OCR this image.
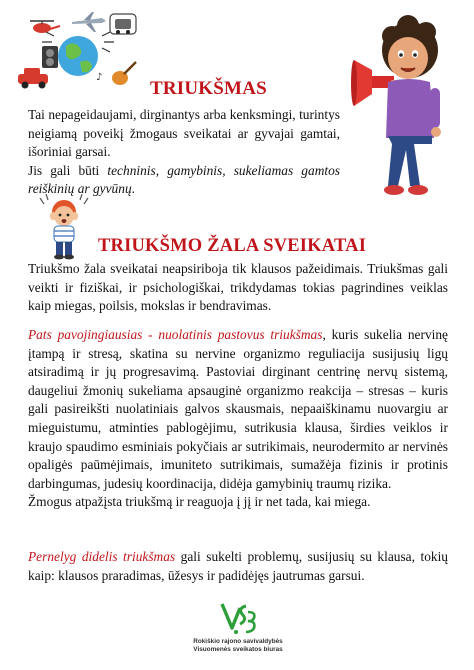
♪
TRIUKŠMAS
Tai nepageidaujami, dirginantys arba kenksmingi, turintys neigiamą poveikį žmogaus sveikatai ar gyvajai gamtai, išoriniai garsai.
Jis gali būti techninis, gamybinis, sukeliamas gamtos reiškinių ar gyvūnų.
TRIUKŠMO ŽALA SVEIKATAI
Triukšmo žala sveikatai neapsiriboja tik klausos pažeidimais. Triukšmas gali veikti ir fiziškai, ir psichologiškai, trikdydamas tokias pagrindines veiklas kaip miegas, poilsis, mokslas ir bendravimas.
Pats pavojingiausias - nuolatinis pastovus triukšmas, kuris sukelia nervinę įtampą ir stresą, skatina su nervine organizmo reguliacija susijusių ligų atsiradimą ir jų progresavimą. Pastoviai dirginant centrinę nervų sistemą, daugeliui žmonių sukeliama apsauginė organizmo reakcija – stresas – kuris gali pasireikšti nuolatiniais galvos skausmais, nepaaiškinamu nuovargiu ar mieguistumu, atminties pablogėjimu, sutrikusia klausa, širdies veiklos ir kraujo spaudimo esminiais pokyčiais ar sutrikimais, neurodermito ar nervinės opaligės paūmėjimais, imuniteto sutrikimais, sumažėja fizinis ir protinis darbingumas, judesių koordinacija, didėja gamybinių traumų rizika.
Žmogus atpažįsta triukšmą ir reaguoja į jį ir net tada, kai miega.
Pernelyg didelis triukšmas gali sukelti problemų, susijusių su klausa, tokių kaip: klausos praradimas, ūžesys ir padidėjęs jautrumas garsui.
Rokiškio rajono savivaldybės
Visuomenės sveikatos biuras
